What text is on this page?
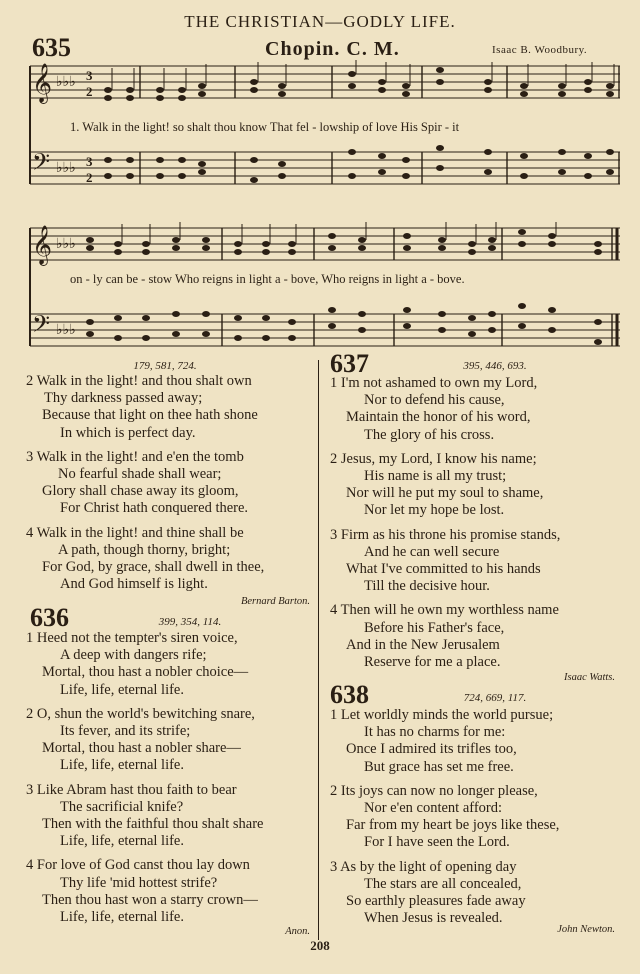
THE CHRISTIAN—GODLY LIFE.
635	Chopin. C. M.	Isaac B. Woodbury.
𝄞
𝄢
♭♭♭
♭♭♭
3
2
3
2
1. Walk in the light! so shalt thou know That fel - lowship of love His Spir - it
𝄞
𝄢
♭♭♭
♭♭♭
on - ly can be - stow Who reigns in light a - bove, Who reigns in light a - bove.
179, 581, 724.
2 Walk in the light! and thou shalt own
Thy darkness passed away;
Because that light on thee hath shone
In which is perfect day.
3 Walk in the light! and e'en the tomb
No fearful shade shall wear;
Glory shall chase away its gloom,
For Christ hath conquered there.
4 Walk in the light! and thine shall be
A path, though thorny, bright;
For God, by grace, shall dwell in thee,
And God himself is light.
Bernard Barton.
636	399, 354, 114.
1 Heed not the tempter's siren voice,
A deep with dangers rife;
Mortal, thou hast a nobler choice—
Life, life, eternal life.
2 O, shun the world's bewitching snare,
Its fever, and its strife;
Mortal, thou hast a nobler share—
Life, life, eternal life.
3 Like Abram hast thou faith to bear
The sacrificial knife?
Then with the faithful thou shalt share
Life, life, eternal life.
4 For love of God canst thou lay down
Thy life 'mid hottest strife?
Then thou hast won a starry crown—
Life, life, eternal life.
Anon.
637	395, 446, 693.
1 I'm not ashamed to own my Lord,
Nor to defend his cause,
Maintain the honor of his word,
The glory of his cross.
2 Jesus, my Lord, I know his name;
His name is all my trust;
Nor will he put my soul to shame,
Nor let my hope be lost.
3 Firm as his throne his promise stands,
And he can well secure
What I've committed to his hands
Till the decisive hour.
4 Then will he own my worthless name
Before his Father's face,
And in the New Jerusalem
Reserve for me a place.
Isaac Watts.
638	724, 669, 117.
1 Let worldly minds the world pursue;
It has no charms for me:
Once I admired its trifles too,
But grace has set me free.
2 Its joys can now no longer please,
Nor e'en content afford:
Far from my heart be joys like these,
For I have seen the Lord.
3 As by the light of opening day
The stars are all concealed,
So earthly pleasures fade away
When Jesus is revealed.
John Newton.
208
